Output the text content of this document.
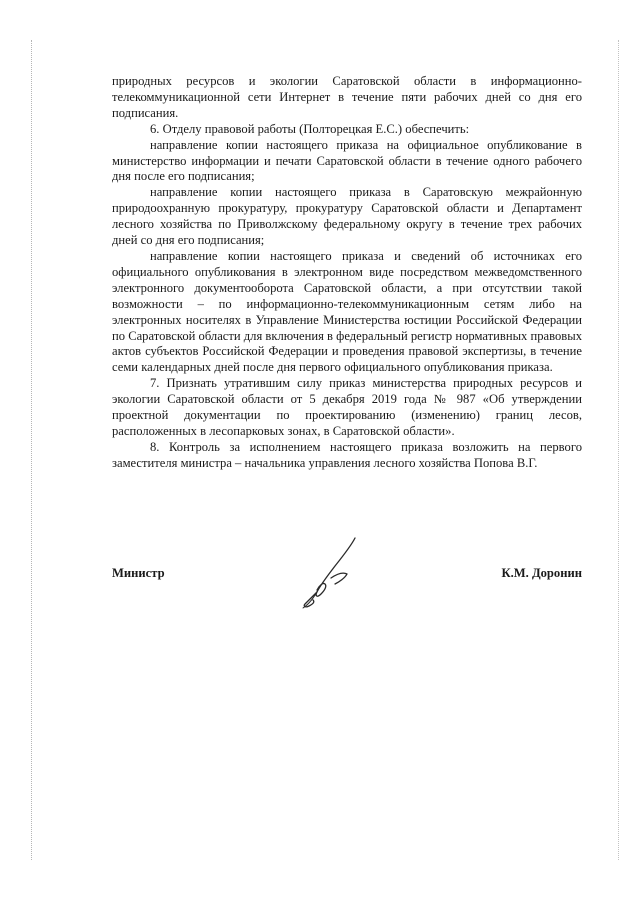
природных ресурсов и экологии Саратовской области в информационно-телекоммуникационной сети Интернет в течение пяти рабочих дней со дня его подписания.

6. Отделу правовой работы (Полторецкая Е.С.) обеспечить:

направление копии настоящего приказа на официальное опубликование в министерство информации и печати Саратовской области в течение одного рабочего дня после его подписания;

направление копии настоящего приказа в Саратовскую межрайонную природоохранную прокуратуру, прокуратуру Саратовской области и Департамент лесного хозяйства по Приволжскому федеральному округу в течение трех рабочих дней со дня его подписания;

направление копии настоящего приказа и сведений об источниках его официального опубликования в электронном виде посредством межведомственного электронного документооборота Саратовской области, а при отсутствии такой возможности – по информационно-телекоммуникационным сетям либо на электронных носителях в Управление Министерства юстиции Российской Федерации по Саратовской области для включения в федеральный регистр нормативных правовых актов субъектов Российской Федерации и проведения правовой экспертизы, в течение семи календарных дней после дня первого официального опубликования приказа.

7. Признать утратившим силу приказ министерства природных ресурсов и экологии Саратовской области от 5 декабря 2019 года № 987 «Об утверждении проектной документации по проектированию (изменению) границ лесов, расположенных в лесопарковых зонах, в Саратовской области».

8. Контроль за исполнением настоящего приказа возложить на первого заместителя министра – начальника управления лесного хозяйства Попова В.Г.

Министр	К.М. Доронин
